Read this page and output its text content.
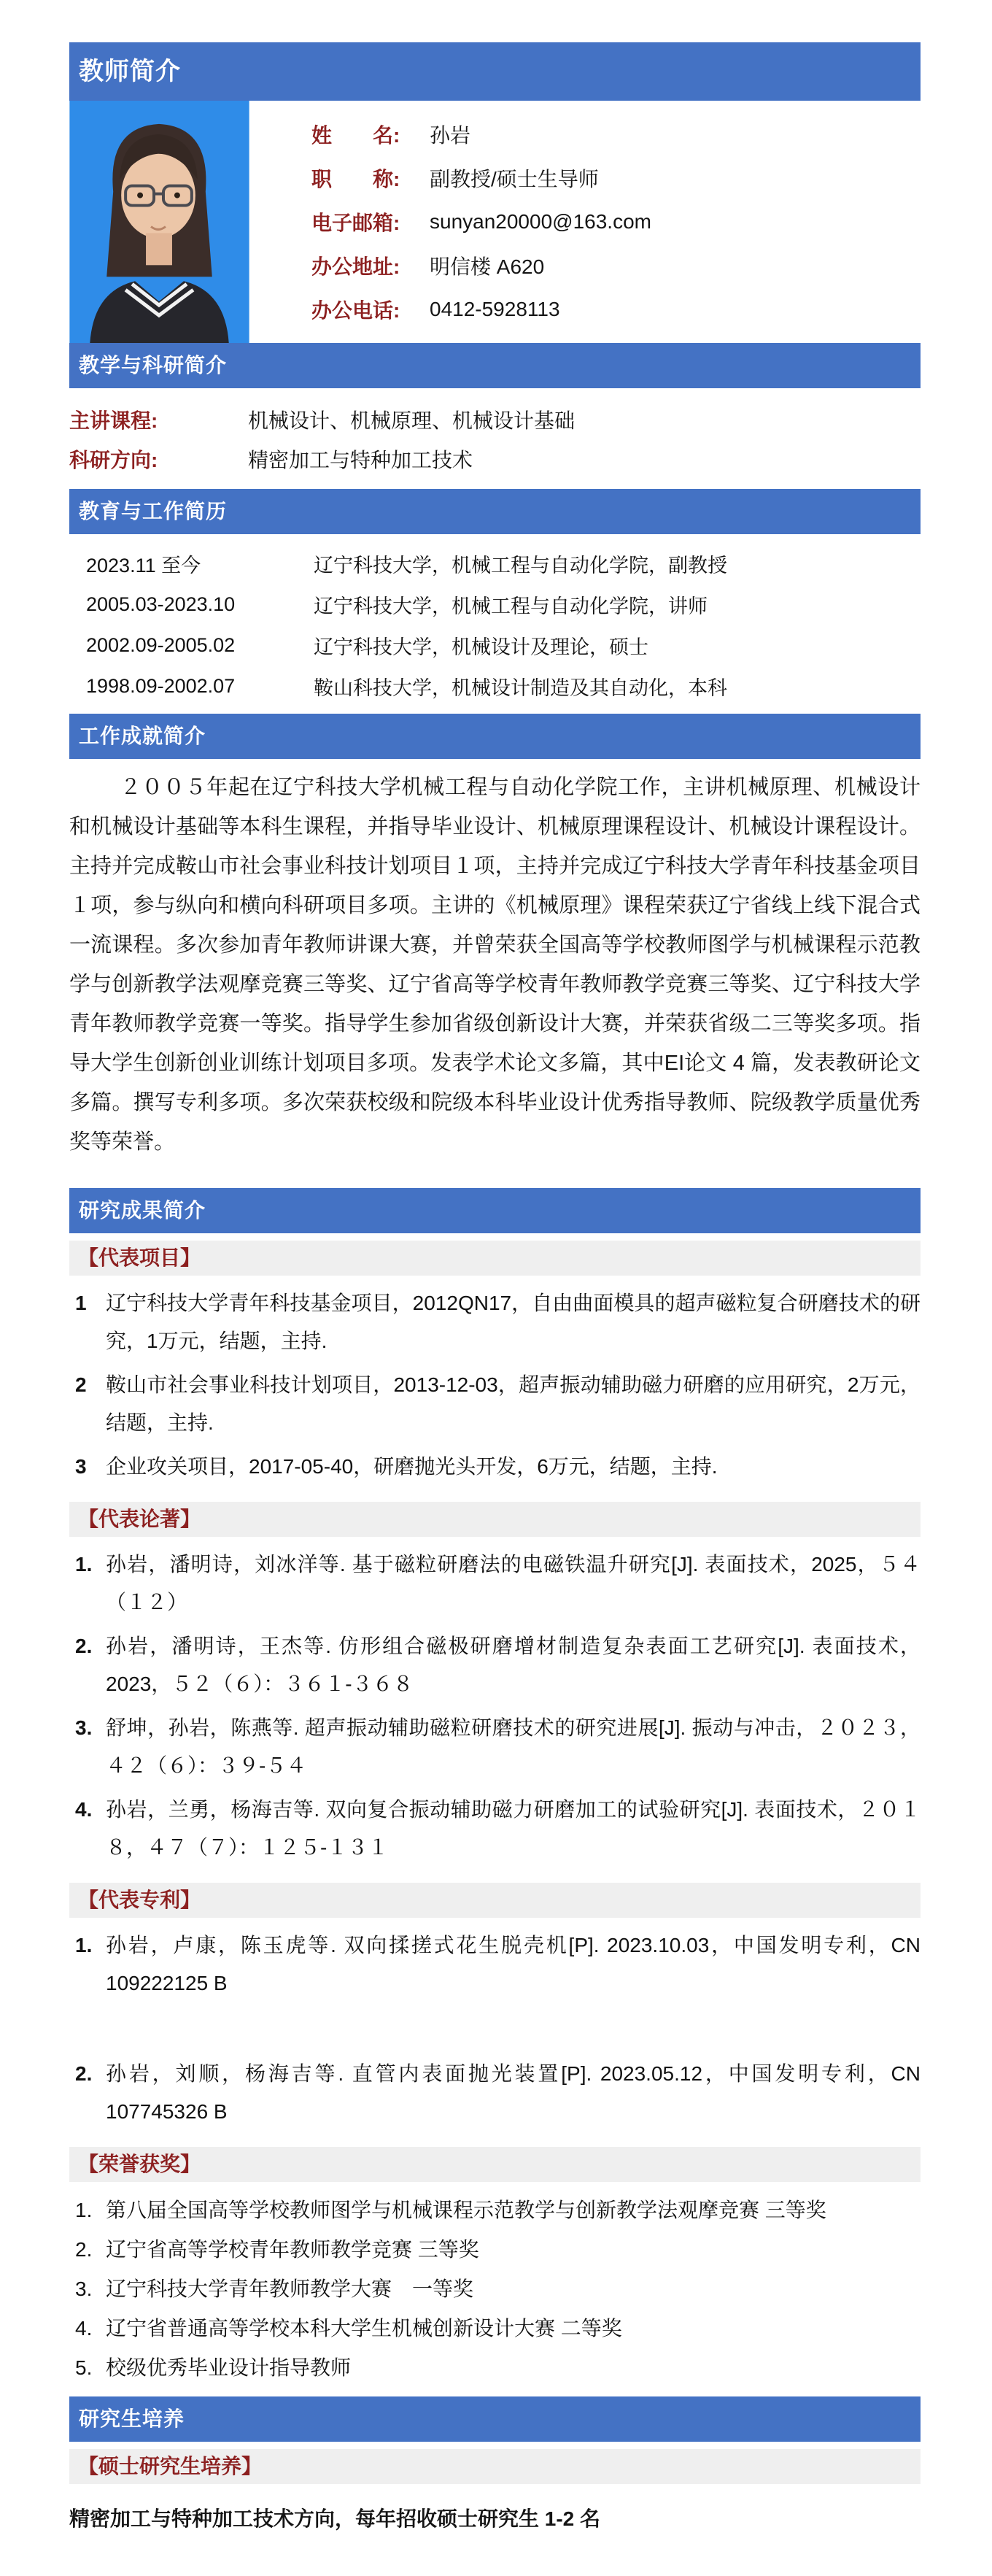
教师简介
姓　　名:	孙岩
职　　称:	副教授/硕士生导师
电子邮箱:	sunyan20000@163.com
办公地址:	明信楼 A620
办公电话:	0412-5928113
教学与科研简介
主讲课程:	机械设计、机械原理、机械设计基础
科研方向:	精密加工与特种加工技术
教育与工作简历
2023.11 至今	辽宁科技大学，机械工程与自动化学院，副教授
2005.03-2023.10	辽宁科技大学，机械工程与自动化学院，讲师
2002.09-2005.02	辽宁科技大学，机械设计及理论，硕士
1998.09-2002.07	鞍山科技大学，机械设计制造及其自动化，本科
工作成就简介

２００５年起在辽宁科技大学机械工程与自动化学院工作，主讲机械原理、机械设计和机械设计基础等本科生课程，并指导毕业设计、机械原理课程设计、机械设计课程设计。主持并完成鞍山市社会事业科技计划项目１项，主持并完成辽宁科技大学青年科技基金项目１项，参与纵向和横向科研项目多项。主讲的《机械原理》课程荣获辽宁省线上线下混合式一流课程。多次参加青年教师讲课大赛，并曾荣获全国高等学校教师图学与机械课程示范教学与创新教学法观摩竞赛三等奖、辽宁省高等学校青年教师教学竞赛三等奖、辽宁科技大学青年教师教学竞赛一等奖。指导学生参加省级创新设计大赛，并荣获省级二三等奖多项。指导大学生创新创业训练计划项目多项。发表学术论文多篇，其中EI论文 4 篇，发表教研论文多篇。撰写专利多项。多次荣获校级和院级本科毕业设计优秀指导教师、院级教学质量优秀奖等荣誉。

研究成果简介
【代表项目】
1 辽宁科技大学青年科技基金项目，2012QN17，自由曲面模具的超声磁粒复合研磨技术的研究，1万元，结题，主持.
2 鞍山市社会事业科技计划项目，2013-12-03，超声振动辅助磁力研磨的应用研究，2万元，结题，主持.
3 企业攻关项目，2017-05-40，研磨抛光头开发，6万元，结题，主持.
【代表论著】
1. 孙岩，潘明诗，刘冰洋等. 基于磁粒研磨法的电磁铁温升研究[J]. 表面技术，2025，５４（１２）
2. 孙岩，潘明诗，王杰等. 仿形组合磁极研磨增材制造复杂表面工艺研究[J]. 表面技术，2023，５２（６）：３６１-３６８
3. 舒坤，孙岩，陈燕等. 超声振动辅助磁粒研磨技术的研究进展[J]. 振动与冲击，２０２３，４２（６）：３９-５４
4. 孙岩，兰勇，杨海吉等. 双向复合振动辅助磁力研磨加工的试验研究[J]. 表面技术，２０１８，４７（７）：１２５-１３１
【代表专利】
1. 孙岩，卢康，陈玉虎等. 双向揉搓式花生脱壳机[P]. 2023.10.03，中国发明专利，CN 109222125 B
2. 孙岩，刘顺，杨海吉等. 直管内表面抛光装置[P]. 2023.05.12，中国发明专利，CN 107745326 B
【荣誉获奖】
1. 第八届全国高等学校教师图学与机械课程示范教学与创新教学法观摩竞赛 三等奖
2. 辽宁省高等学校青年教师教学竞赛 三等奖
3. 辽宁科技大学青年教师教学大赛　一等奖
4. 辽宁省普通高等学校本科大学生机械创新设计大赛 二等奖
5. 校级优秀毕业设计指导教师
研究生培养
【硕士研究生培养】
精密加工与特种加工技术方向，每年招收硕士研究生 1-2 名
